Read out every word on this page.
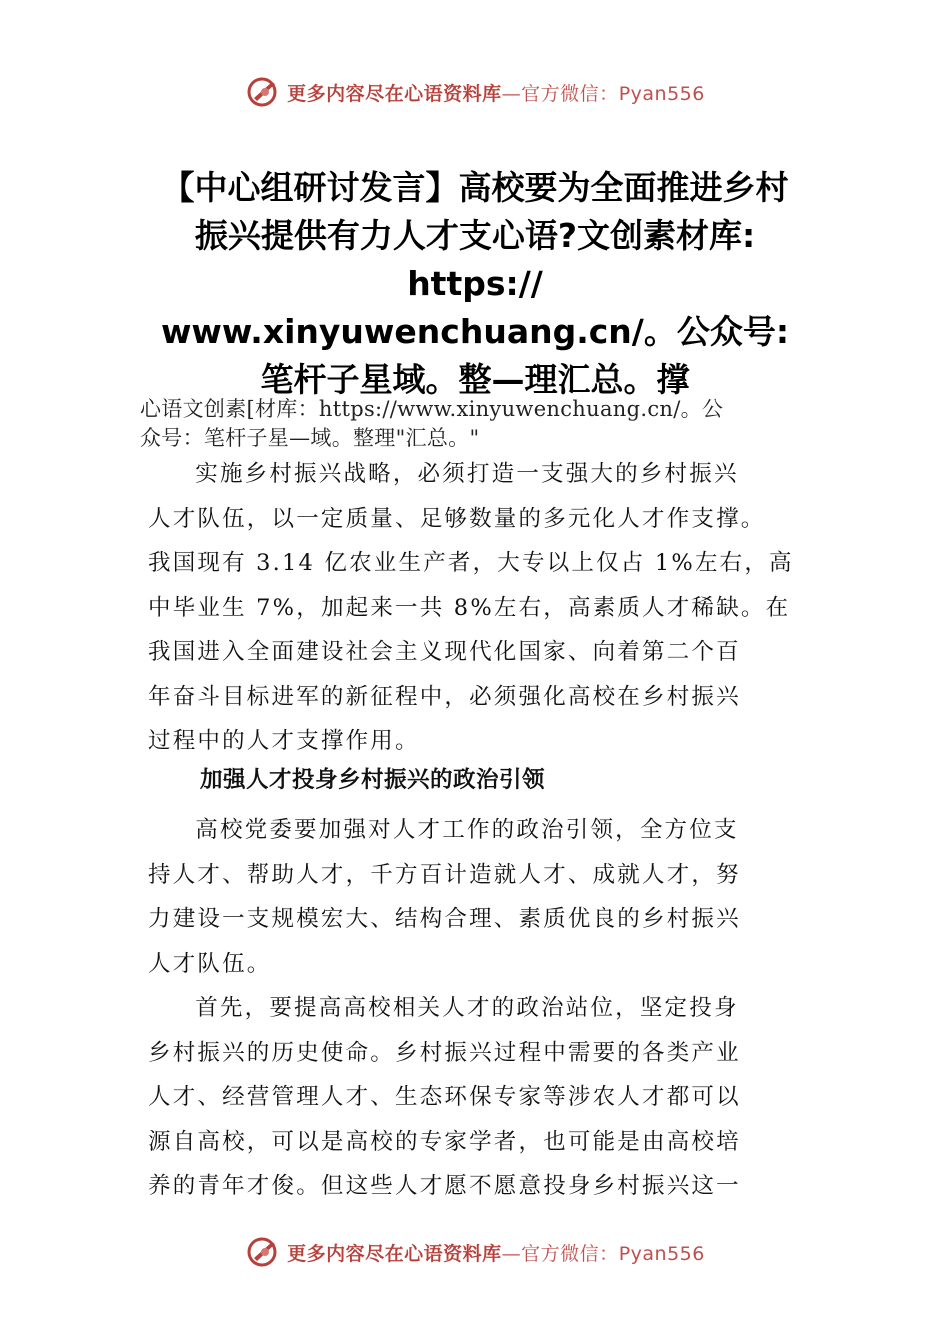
更多内容尽在心语资料库—官方微信：Pyan556
【中心组研讨发言】高校要为全面推进乡村
振兴提供有力人才支心语?文创素材库:
https://
www.xinyuwenchuang.cn/。公众号:
笔杆子星域。整—理汇总。撑

心语文创素[材库：https://www.xinyuwenchuang.cn/。公
众号：笔杆子星—域。整理"汇总。"

实施乡村振兴战略，必须打造一支强大的乡村振兴
人才队伍，以一定质量、足够数量的多元化人才作支撑。
我国现有 3.14 亿农业生产者，大专以上仅占 1%左右，高
中毕业生 7%，加起来一共 8%左右，高素质人才稀缺。在
我国进入全面建设社会主义现代化国家、向着第二个百
年奋斗目标进军的新征程中，必须强化高校在乡村振兴
过程中的人才支撑作用。

加强人才投身乡村振兴的政治引领

高校党委要加强对人才工作的政治引领，全方位支
持人才、帮助人才，千方百计造就人才、成就人才，努
力建设一支规模宏大、结构合理、素质优良的乡村振兴
人才队伍。

首先，要提高高校相关人才的政治站位，坚定投身
乡村振兴的历史使命。乡村振兴过程中需要的各类产业
人才、经营管理人才、生态环保专家等涉农人才都可以
源自高校，可以是高校的专家学者，也可能是由高校培
养的青年才俊。但这些人才愿不愿意投身乡村振兴这一

更多内容尽在心语资料库—官方微信：Pyan556
